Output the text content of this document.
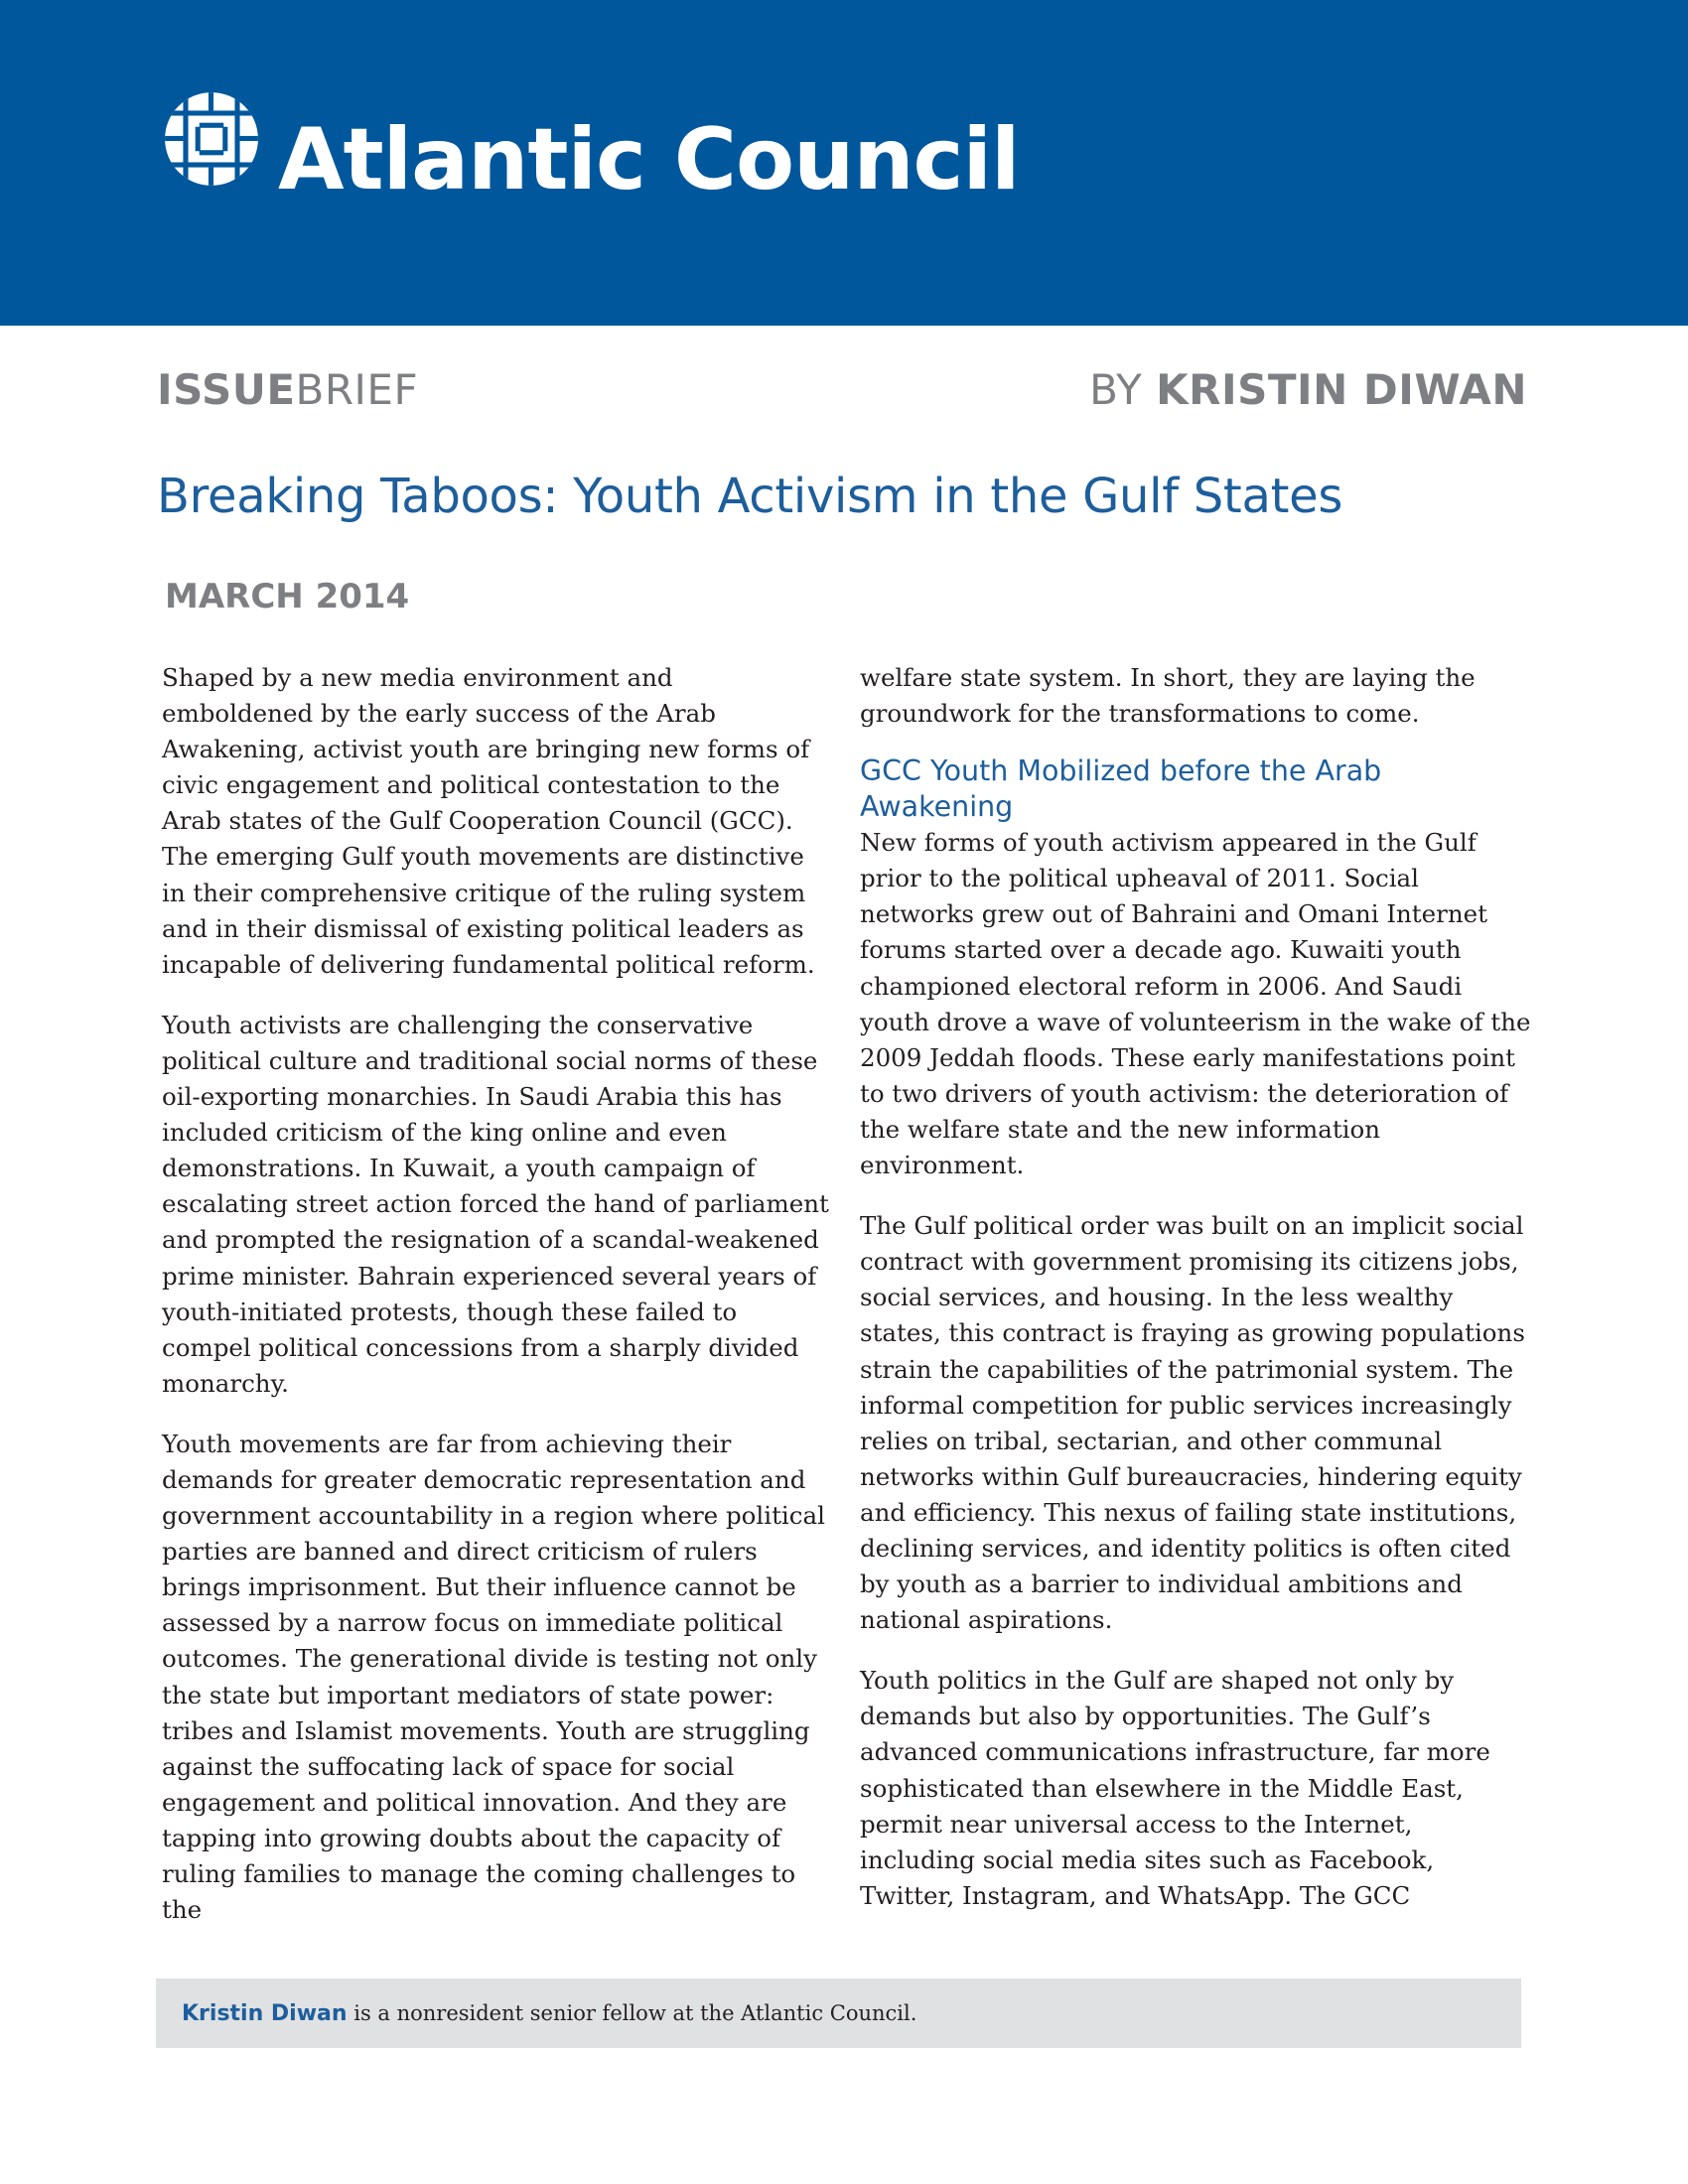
Atlantic Council
ISSUEBRIEF	BY KRISTIN DIWAN
Breaking Taboos: Youth Activism in the Gulf States
MARCH 2014

Shaped by a new media environment and emboldened by the early success of the Arab Awakening, activist youth are bringing new forms of civic engagement and political contestation to the Arab states of the Gulf Cooperation Council (GCC). The emerging Gulf youth movements are distinctive in their comprehensive critique of the ruling system and in their dismissal of existing political leaders as incapable of delivering fundamental political reform.

Youth activists are challenging the conservative political culture and traditional social norms of these oil-exporting monarchies. In Saudi Arabia this has included criticism of the king online and even demonstrations. In Kuwait, a youth campaign of escalating street action forced the hand of parliament and prompted the resignation of a scandal-weakened prime minister. Bahrain experienced several years of youth-initiated protests, though these failed to compel political concessions from a sharply divided monarchy.

Youth movements are far from achieving their demands for greater democratic representation and government accountability in a region where political parties are banned and direct criticism of rulers brings imprisonment. But their influence cannot be assessed by a narrow focus on immediate political outcomes. The generational divide is testing not only the state but important mediators of state power: tribes and Islamist movements. Youth are struggling against the suffocating lack of space for social engagement and political innovation. And they are tapping into growing doubts about the capacity of ruling families to manage the coming challenges to the

welfare state system. In short, they are laying the groundwork for the transformations to come.

GCC Youth Mobilized before the Arab Awakening

New forms of youth activism appeared in the Gulf prior to the political upheaval of 2011. Social networks grew out of Bahraini and Omani Internet forums started over a decade ago. Kuwaiti youth championed electoral reform in 2006. And Saudi youth drove a wave of volunteerism in the wake of the 2009 Jeddah floods. These early manifestations point to two drivers of youth activism: the deterioration of the welfare state and the new information environment.

The Gulf political order was built on an implicit social contract with government promising its citizens jobs, social services, and housing. In the less wealthy states, this contract is fraying as growing populations strain the capabilities of the patrimonial system. The informal competition for public services increasingly relies on tribal, sectarian, and other communal networks within Gulf bureaucracies, hindering equity and efficiency. This nexus of failing state institutions, declining services, and identity politics is often cited by youth as a barrier to individual ambitions and national aspirations.

Youth politics in the Gulf are shaped not only by demands but also by opportunities. The Gulf’s advanced communications infrastructure, far more sophisticated than elsewhere in the Middle East, permit near universal access to the Internet, including social media sites such as Facebook, Twitter, Instagram, and WhatsApp. The GCC

Kristin Diwan is a nonresident senior fellow at the Atlantic Council.
